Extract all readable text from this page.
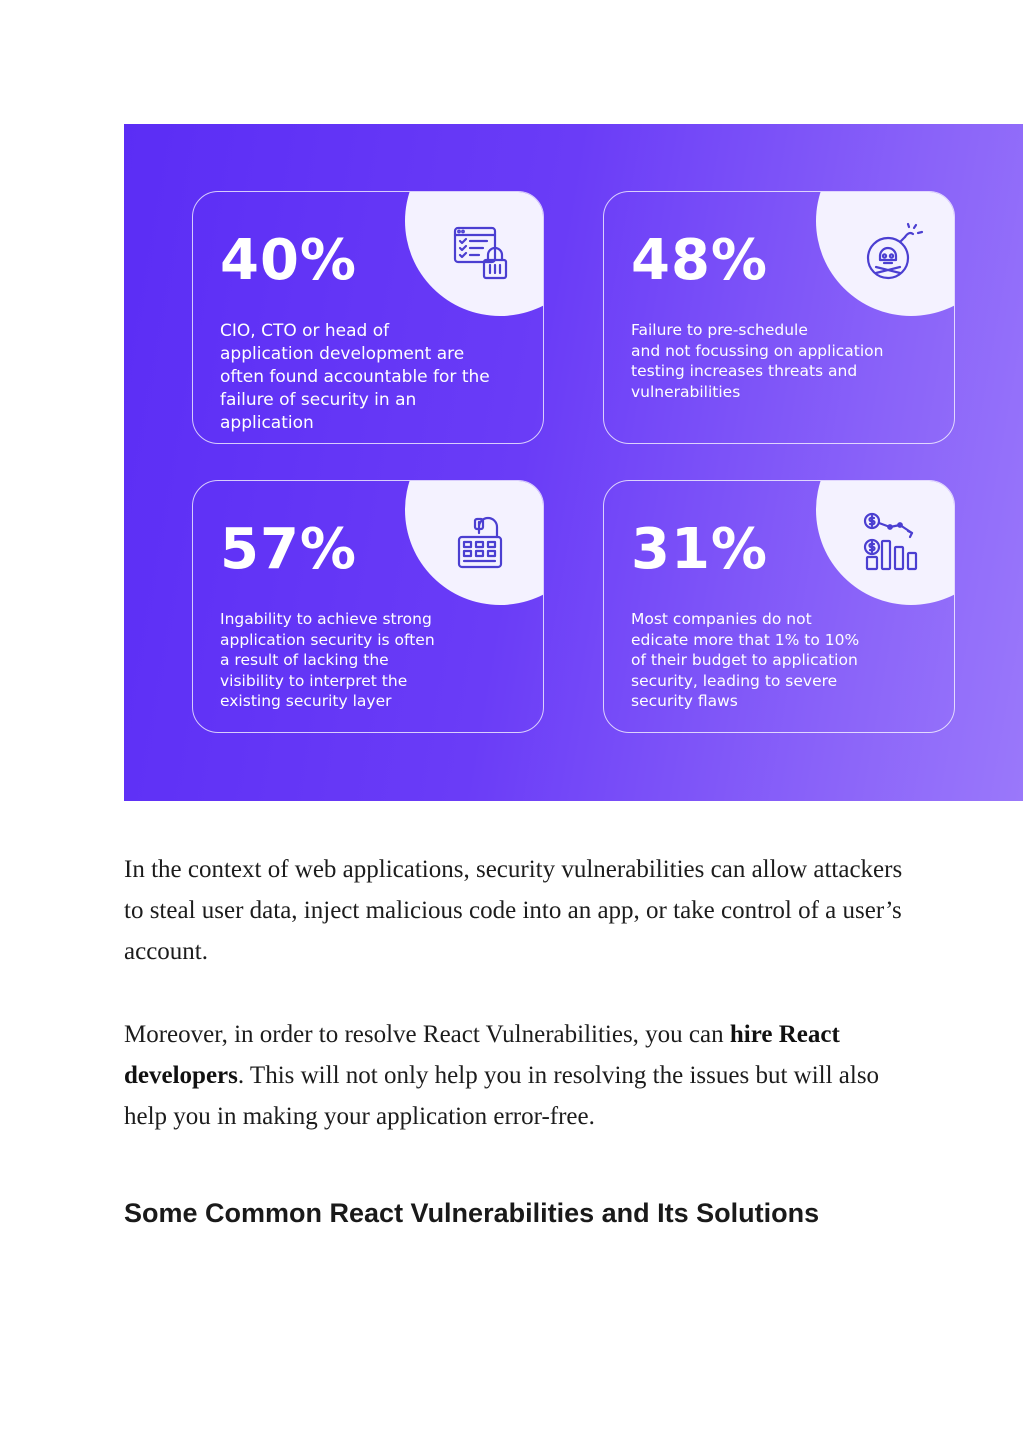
40%
CIO, CTO or head of
application development are
often found accountable for the
failure of security in an
application
48%
Failure to pre-schedule
and not focussing on application
testing increases threats and
vulnerabilities
57%
Ingability to achieve strong
application security is often
a result of lacking the
visibility to interpret the
existing security layer
31%
Most companies do not
edicate more that 1% to 10%
of their budget to application
security, leading to severe
security flaws

In the context of web applications, security vulnerabilities can allow attackers to steal user data, inject malicious code into an app, or take control of a user’s account.

Moreover, in order to resolve React Vulnerabilities, you can hire React developers. This will not only help you in resolving the issues but will also help you in making your application error-free.

Some Common React Vulnerabilities and Its Solutions
